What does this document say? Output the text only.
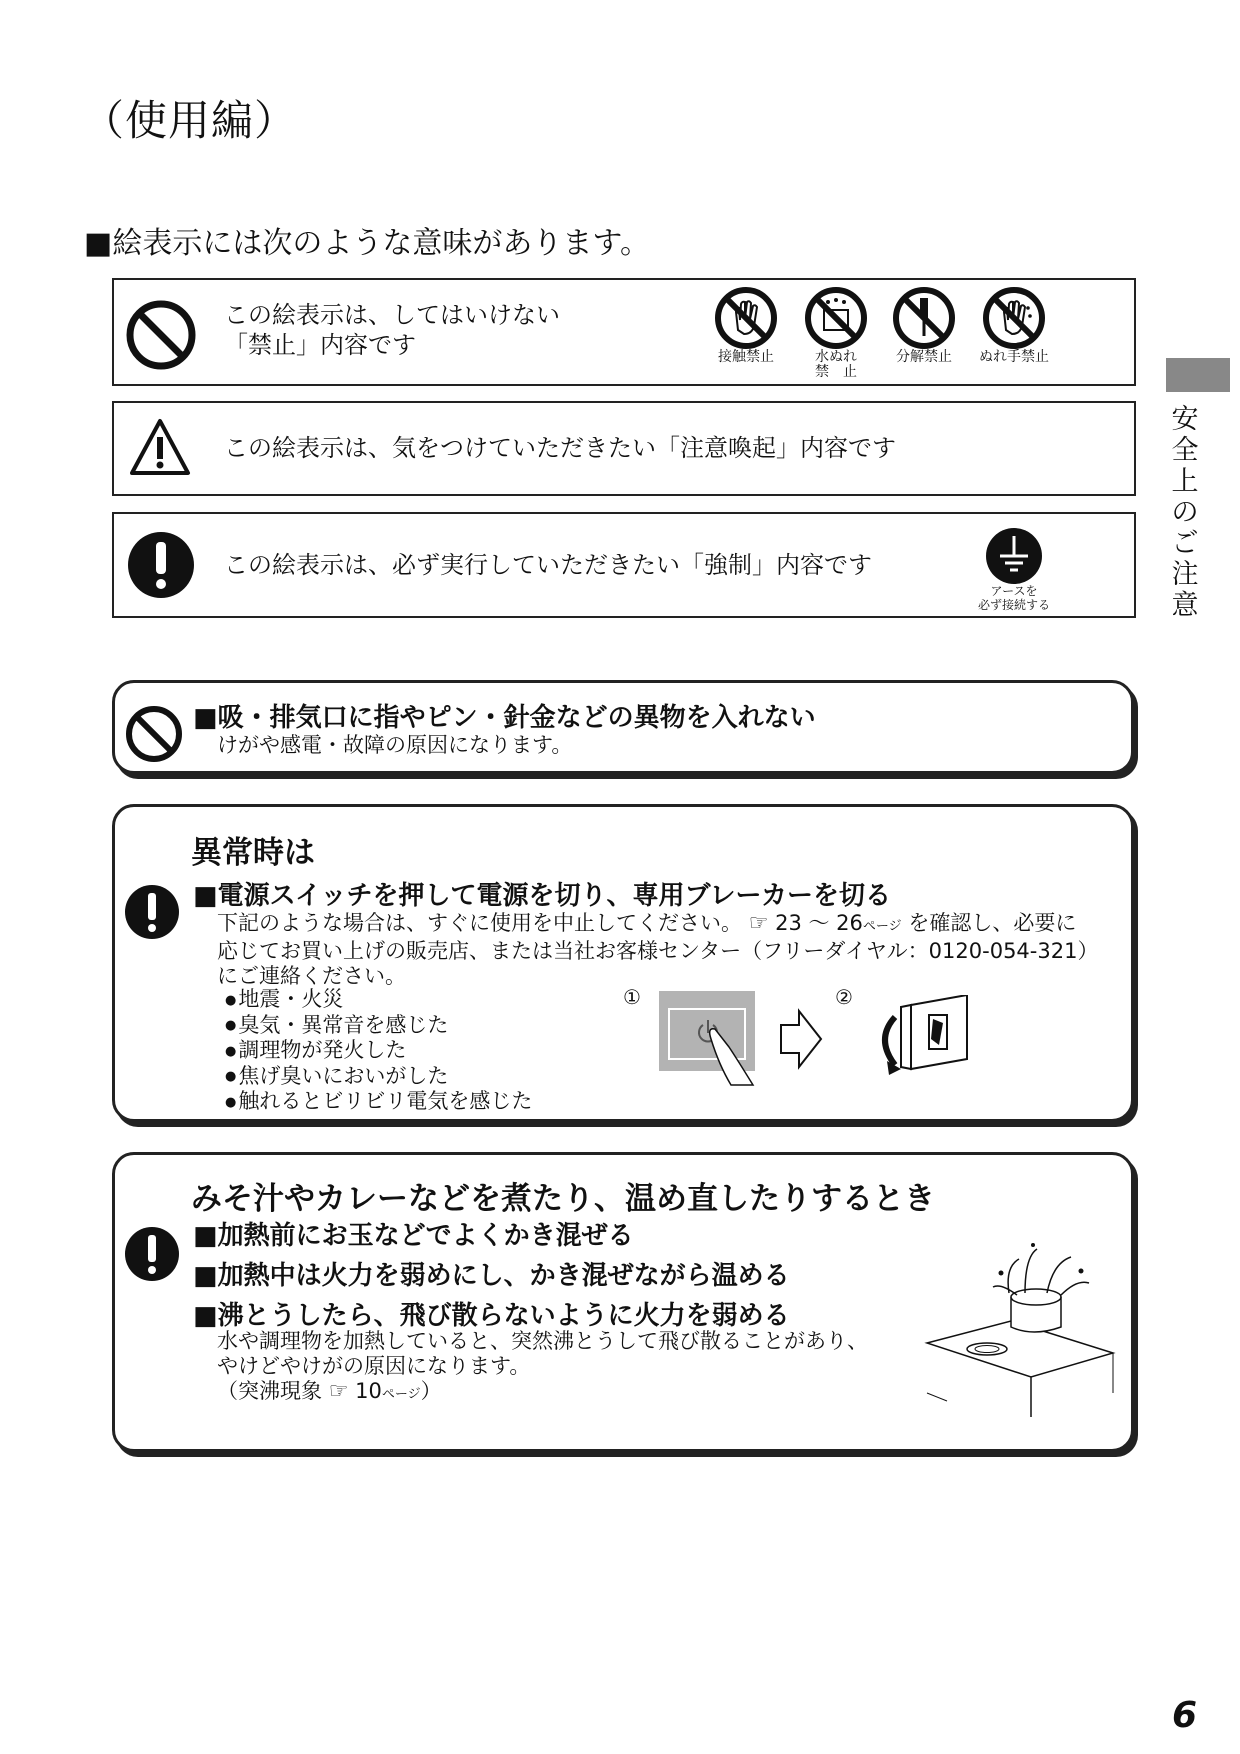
（使用編）
■絵表示には次のような意味があります。
この絵表示は、してはいけない
「禁止」内容です	接触禁止	水ぬれ
禁　止
分解禁止	ぬれ手禁止
この絵表示は、気をつけていただきたい「注意喚起」内容です
この絵表示は、必ず実行していただきたい「強制」内容です
アースを
必ず接続する
■吸・排気口に指やピン・針金などの異物を入れない
けがや感電・故障の原因になります。
異常時は
■電源スイッチを押して電源を切り、専用ブレーカーを切る
下記のような場合は、すぐに使用を中止してください。 ☞ 23 ～ 26ページ を確認し、必要に
応じてお買い上げの販売店、または当社お客様センター（フリーダイヤル：0120-054-321）
にご連絡ください。
● 地震・火災
● 臭気・異常音を感じた
● 調理物が発火した
● 焦げ臭いにおいがした
● 触れるとビリビリ電気を感じた
①	②
みそ汁やカレーなどを煮たり、温め直したりするとき
■加熱前にお玉などでよくかき混ぜる
■加熱中は火力を弱めにし、かき混ぜながら温める
■沸とうしたら、飛び散らないように火力を弱める
水や調理物を加熱していると、突然沸とうして飛び散ることがあり、
やけどやけがの原因になります。
（突沸現象 ☞ 10ページ）
安全上のご注意
6
